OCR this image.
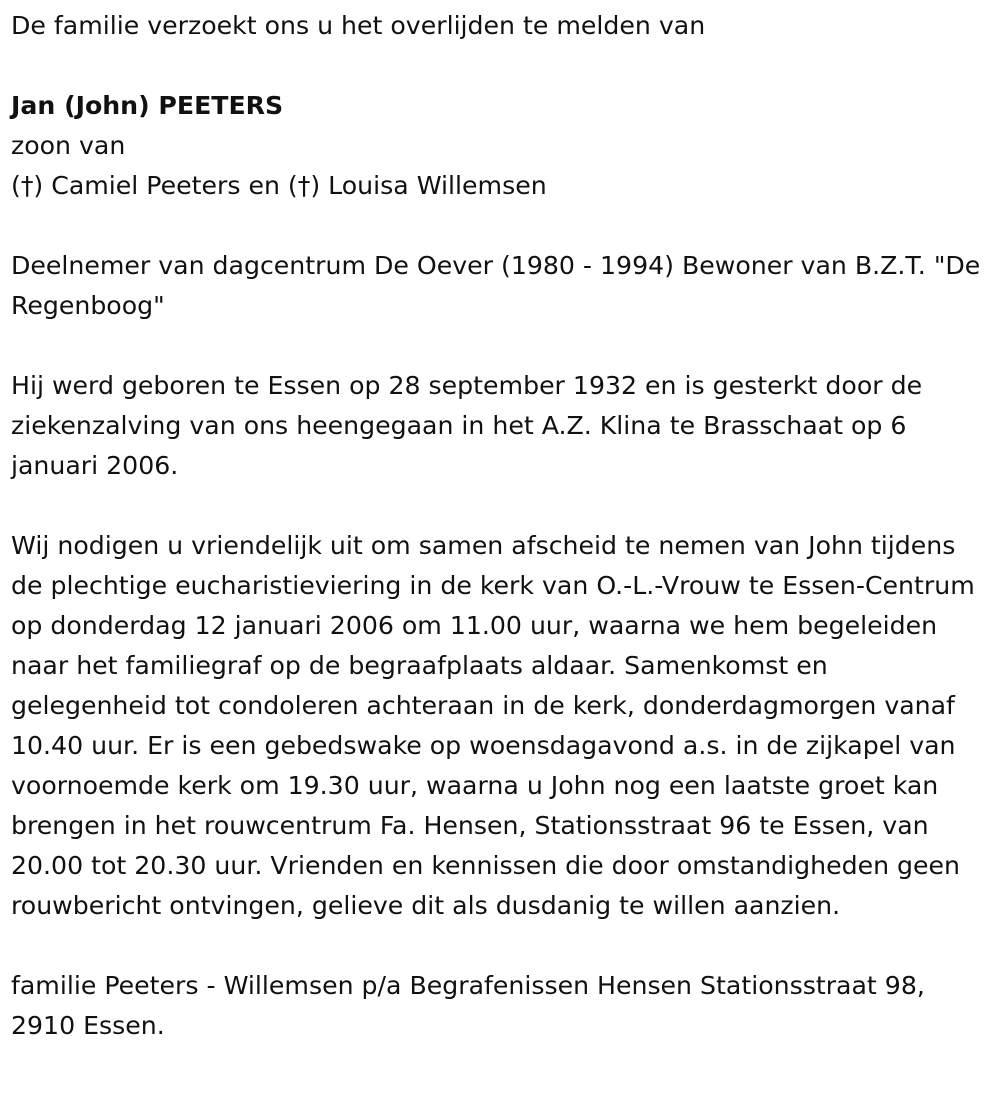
De familie verzoekt ons u het overlijden te melden van

Jan (John) PEETERS

zoon van

(†) Camiel Peeters en (†) Louisa Willemsen

Deelnemer van dagcentrum De Oever (1980 - 1994) Bewoner van B.Z.T. "De Regenboog"

Hij werd geboren te Essen op 28 september 1932 en is gesterkt door de ziekenzalving van ons heengegaan in het A.Z. Klina te Brasschaat op 6 januari 2006.

Wij nodigen u vriendelijk uit om samen afscheid te nemen van John tijdens de plechtige eucharistieviering in de kerk van O.-L.-Vrouw te Essen-Centrum op donderdag 12 januari 2006 om 11.00 uur, waarna we hem begeleiden naar het familiegraf op de begraafplaats aldaar. Samenkomst en gelegenheid tot condoleren achteraan in de kerk, donderdagmorgen vanaf 10.40 uur. Er is een gebedswake op woensdagavond a.s. in de zijkapel van voornoemde kerk om 19.30 uur, waarna u John nog een laatste groet kan brengen in het rouwcentrum Fa. Hensen, Stationsstraat 96 te Essen, van 20.00 tot 20.30 uur. Vrienden en kennissen die door omstandigheden geen rouwbericht ontvingen, gelieve dit als dusdanig te willen aanzien.

familie Peeters - Willemsen p/a Begrafenissen Hensen Stationsstraat 98, 2910 Essen.
